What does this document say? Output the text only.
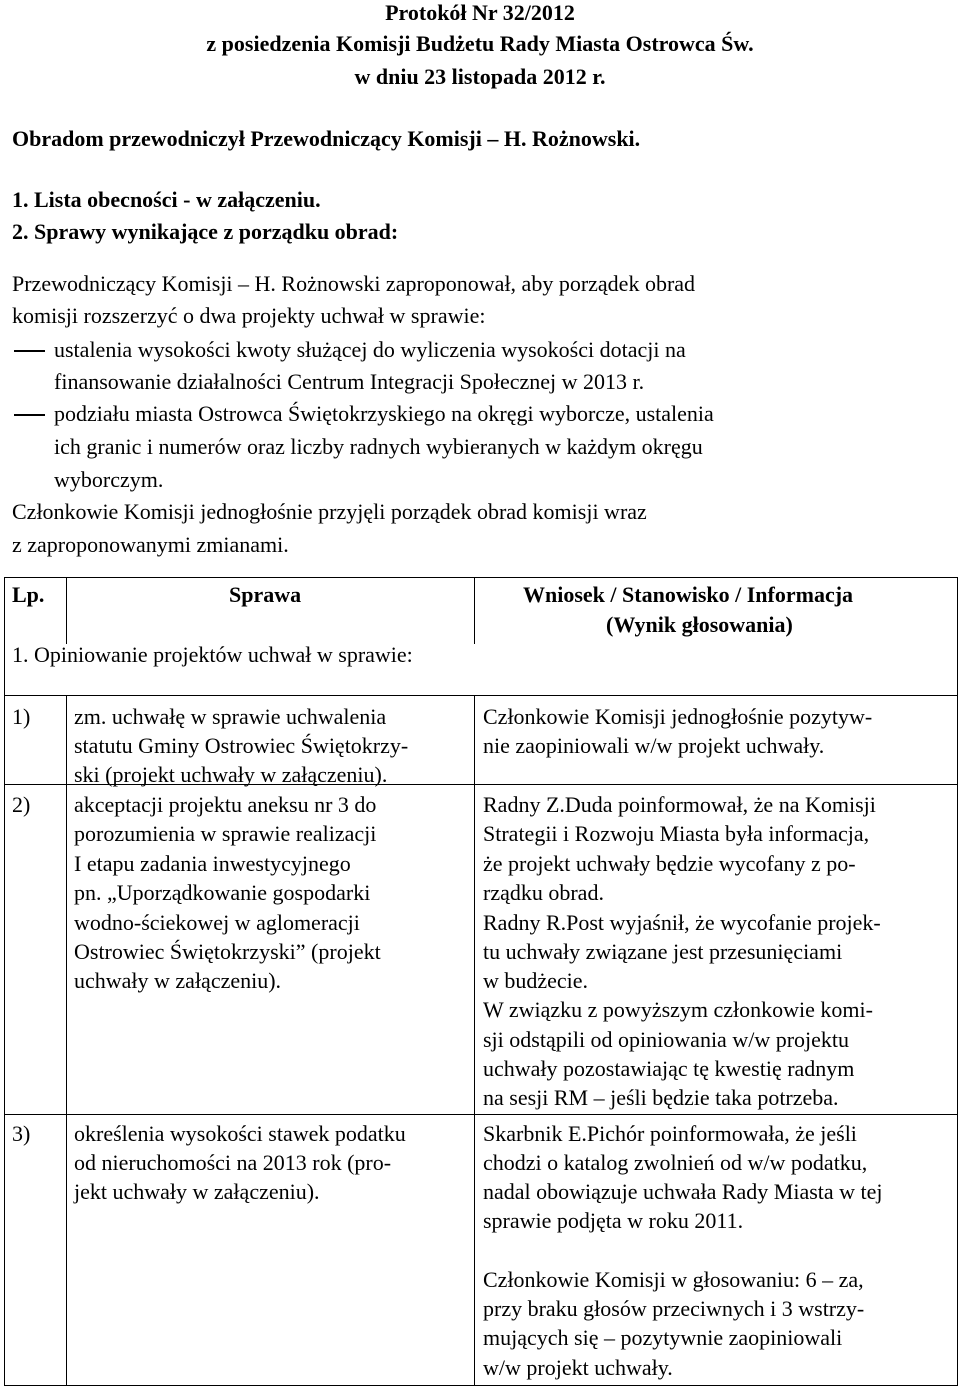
Protokół Nr 32/2012
z posiedzenia Komisji Budżetu Rady Miasta Ostrowca Św.
w dniu 23 listopada 2012 r.
Obradom przewodniczył Przewodniczący Komisji – H. Rożnowski.
1. Lista obecności - w załączeniu.
2. Sprawy wynikające z porządku obrad:
Przewodniczący Komisji – H. Rożnowski zaproponował, aby porządek obrad
komisji rozszerzyć o dwa projekty uchwał w sprawie:
ustalenia wysokości kwoty służącej do wyliczenia wysokości dotacji na
finansowanie działalności Centrum Integracji Społecznej w 2013 r.
podziału miasta Ostrowca Świętokrzyskiego na okręgi wyborcze, ustalenia
ich granic i numerów oraz liczby radnych wybieranych w każdym okręgu
wyborczym.
Członkowie Komisji jednogłośnie przyjęli porządek obrad komisji wraz
z zaproponowanymi zmianami.
Lp.	Sprawa	Wniosek / Stanowisko / Informacja
(Wynik głosowania)
1. Opiniowanie projektów uchwał w sprawie:
1) zm. uchwałę w sprawie uchwalenia
statutu Gminy Ostrowiec Świętokrzy-
ski (projekt uchwały w załączeniu).
Członkowie Komisji jednogłośnie pozytyw-
nie zaopiniowali w/w projekt uchwały.
2) akceptacji projektu aneksu nr 3 do
porozumienia w sprawie realizacji
I etapu zadania inwestycyjnego
pn. „Uporządkowanie gospodarki
wodno-ściekowej w aglomeracji
Ostrowiec Świętokrzyski” (projekt
uchwały w załączeniu).
Radny Z.Duda poinformował, że na Komisji
Strategii i Rozwoju Miasta była informacja,
że projekt uchwały będzie wycofany z po-
rządku obrad.
Radny R.Post wyjaśnił, że wycofanie projek-
tu uchwały związane jest przesunięciami
w budżecie.
W związku z powyższym członkowie komi-
sji odstąpili od opiniowania w/w projektu
uchwały pozostawiając tę kwestię radnym
na sesji RM – jeśli będzie taka potrzeba.
3) określenia wysokości stawek podatku
od nieruchomości na 2013 rok (pro-
jekt uchwały w załączeniu).
Skarbnik E.Pichór poinformowała, że jeśli
chodzi o katalog zwolnień od w/w podatku,
nadal obowiązuje uchwała Rady Miasta w tej
sprawie podjęta w roku 2011.
Członkowie Komisji w głosowaniu: 6 – za,
przy braku głosów przeciwnych i 3 wstrzy-
mujących się – pozytywnie zaopiniowali
w/w projekt uchwały.
